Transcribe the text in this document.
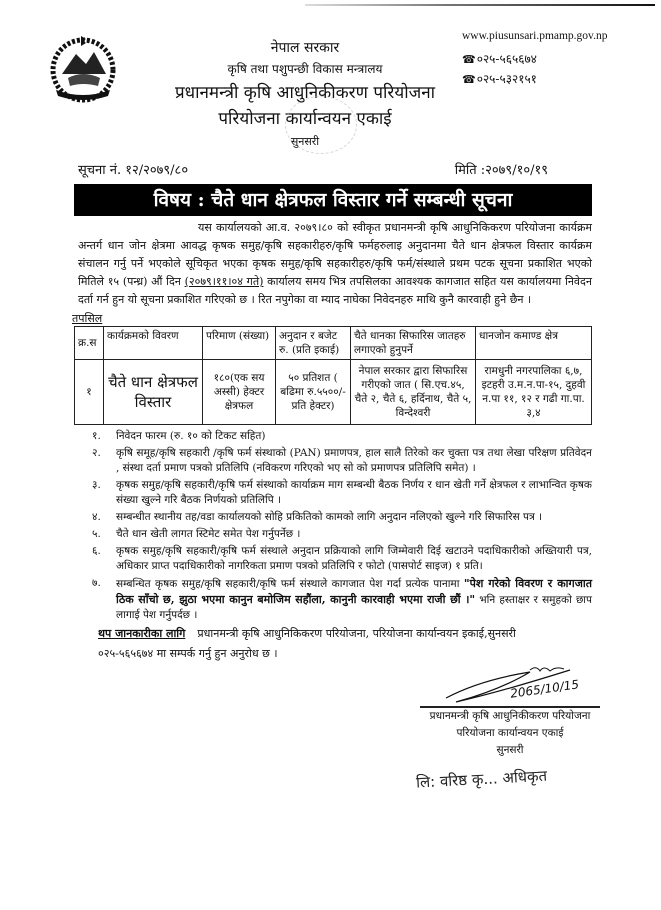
नेपाल सरकार
कृषि तथा पशुपन्छी विकास मन्त्रालय
प्रधानमन्त्री कृषि आधुनिकीकरण परियोजना
परियोजना कार्यान्वयन एकाई
सुनसरी
www.piusunsari.pmamp.gov.np
☎०२५-५६५६७४
☎०२५-५३२१५१
सूचना नं. १२/२०७९/८०	मिति :२०७९/१०/१९
विषय : चैते धान क्षेत्रफल विस्तार गर्ने सम्बन्धी सूचना
यस कार्यालयको आ.व. २०७९।८० को स्वीकृत प्रधानमन्त्री कृषि आधुनिकिकरण परियोजना कार्यक्रम अन्तर्ग धान जोन क्षेत्रमा आवद्ध कृषक समुह/कृषि सहकारीहरु/कृषि फर्महरुलाइ अनुदानमा चैते धान क्षेत्रफल विस्तार कार्यक्रम संचालन गर्नु पर्ने भएकोले सूचिकृत भएका कृषक समुह/कृषि सहकारीहरु/कृषि फर्म/संस्थाले प्रथम पटक सूचना प्रकाशित भएको मितिले १५ (पन्ध्र) औं दिन (२०७९।११।०४ गते) कार्यालय समय भित्र तपसिलका आवश्यक कागजात सहित यस कार्यालयमा निवेदन दर्ता गर्न हुन यो सूचना प्रकाशित गरिएको छ । रित नपुगेका वा म्याद नाघेका निवेदनहरु माथि कुनै कारवाही हुने छैन ।
तपसिल
क्र.स	कार्यक्रमको विवरण	परिमाण (संख्या)	अनुदान र बजेट रु. (प्रति इकाई)	चैते धानका सिफारिस जातहरु लगाएको हुनुपर्ने	धानजोन कमाण्ड क्षेत्र
१	चैते धान क्षेत्रफल विस्तार	१८०(एक सय अस्सी) हेक्टर क्षेत्रफल	५० प्रतिशत ( बढिमा रु.५५००/- प्रति हेक्टर)	नेपाल सरकार द्वारा सिफारिस गरीएको जात ( सि.एच.४५, चैते २, चैते ६, हर्दिनाथ, चैते ५, विन्देश्वरी	रामधुनी नगरपालिका ६,७, इटहरी उ.म.न.पा-१५, दुहवी न.पा ११, १२ र गढी गा.पा. ३,४
१. निवेदन फारम (रु. १० को टिकट सहित)
२. कृषि समूह/कृषि सहकारी /कृषि फर्म संस्थाको (PAN) प्रमाणपत्र, हाल सालै तिरेको कर चुक्ता पत्र तथा लेखा परिक्षण प्रतिवेदन , संस्था दर्ता प्रमाण पत्रको प्रतिलिपि (नविकरण गरिएको भए सो को प्रमाणपत्र प्रतिलिपि समेत) ।
३. कृषक समुह/कृषि सहकारी/कृषि फर्म संस्थाको कार्याक्रम माग सम्बन्धी बैठक निर्णय र धान खेती गर्ने क्षेत्रफल र लाभान्वित कृषक संख्या खुल्ने गरि बैठक निर्णयको प्रतिलिपि ।
४. सम्बन्धीत स्थानीय तह/वडा कार्यालयको सोहि प्रकितिको कामको लागि अनुदान नलिएको खुल्ने गरि सिफारिस पत्र ।
५. चैते धान खेती लागत स्टिमेट समेत पेश गर्नुपर्नेछ ।
६. कृषक समुह/कृषि सहकारी/कृषि फर्म संस्थाले अनुदान प्रक्रियाको लागि जिम्मेवारी दिई खटाउने पदाधिकारीको अख्तियारी पत्र, अधिकार प्राप्त पदाधिकारीको नागरिकता प्रमाण पत्रको प्रतिलिपि र फोटो (पासपोर्ट साइज) १ प्रति।
७. सम्बन्धित कृषक समुह/कृषि सहकारी/कृषि फर्म संस्थाले कागजात पेश गर्दा प्रत्येक पानामा "पेश गरेको विवरण र कागजात ठिक साँचो छ, झुठा भएमा कानुन बमोजिम सहौंला, कानुनी कारवाही भएमा राजी छौं ।" भनि हस्ताक्षर र समुहको छाप लागाई पेश गर्नुपर्दछ ।
थप जानकारीका लागि प्रधानमन्त्री कृषि आधुनिकिकरण परियोजना, परियोजना कार्यान्वयन इकाई,सुनसरी
०२५-५६५६७४ मा सम्पर्क गर्नु हुन अनुरोध छ ।
2065/10/15
प्रधानमन्त्री कृषि आधुनिकीकरण परियोजना
परियोजना कार्यान्वयन एकाई
सुनसरी
लि: वरिष्ठ कृ... अधिकृत
